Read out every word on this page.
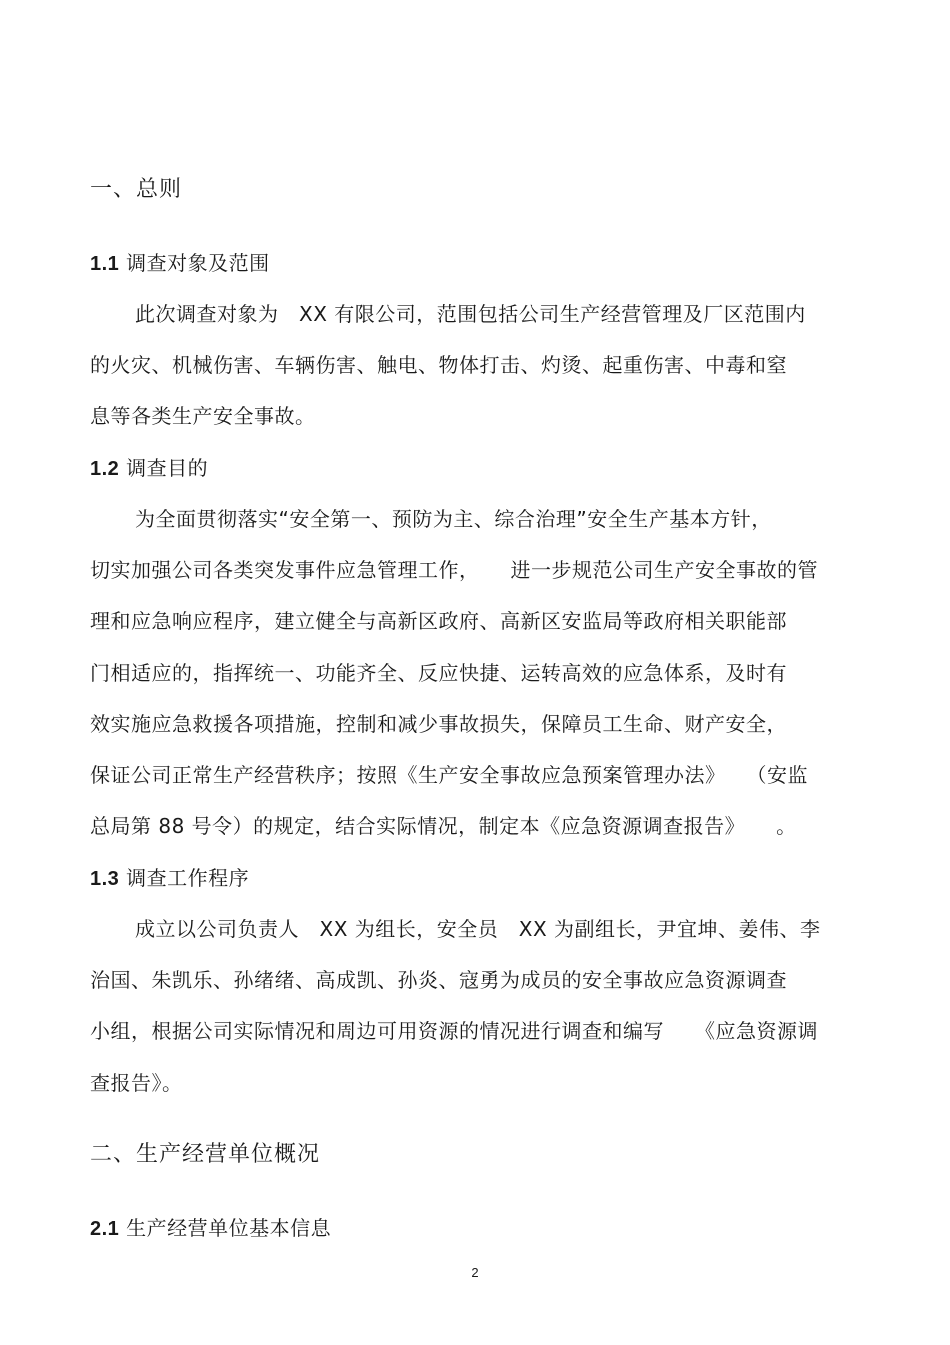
一、总则
1.1 调查对象及范围
此次调查对象为　XX 有限公司，范围包括公司生产经营管理及厂区范围内
的火灾、机械伤害、车辆伤害、触电、物体打击、灼烫、起重伤害、中毒和窒
息等各类生产安全事故。
1.2 调查目的
为全面贯彻落实“安全第一、预防为主、综合治理”安全生产基本方针，
切实加强公司各类突发事件应急管理工作，　　进一步规范公司生产安全事故的管
理和应急响应程序，建立健全与高新区政府、高新区安监局等政府相关职能部
门相适应的，指挥统一、功能齐全、反应快捷、运转高效的应急体系，及时有
效实施应急救援各项措施，控制和减少事故损失，保障员工生命、财产安全，
保证公司正常生产经营秩序；按照《生产安全事故应急预案管理办法》　　（安监
总局第 88 号令）的规定，结合实际情况，制定本《应急资源调查报告》　　。
1.3 调查工作程序
成立以公司负责人　XX 为组长，安全员　XX 为副组长，尹宜坤、姜伟、李
治国、朱凯乐、孙绪绪、高成凯、孙炎、寇勇为成员的安全事故应急资源调查
小组，根据公司实际情况和周边可用资源的情况进行调查和编写　　《应急资源调
查报告》。
二、生产经营单位概况
2.1 生产经营单位基本信息
2
